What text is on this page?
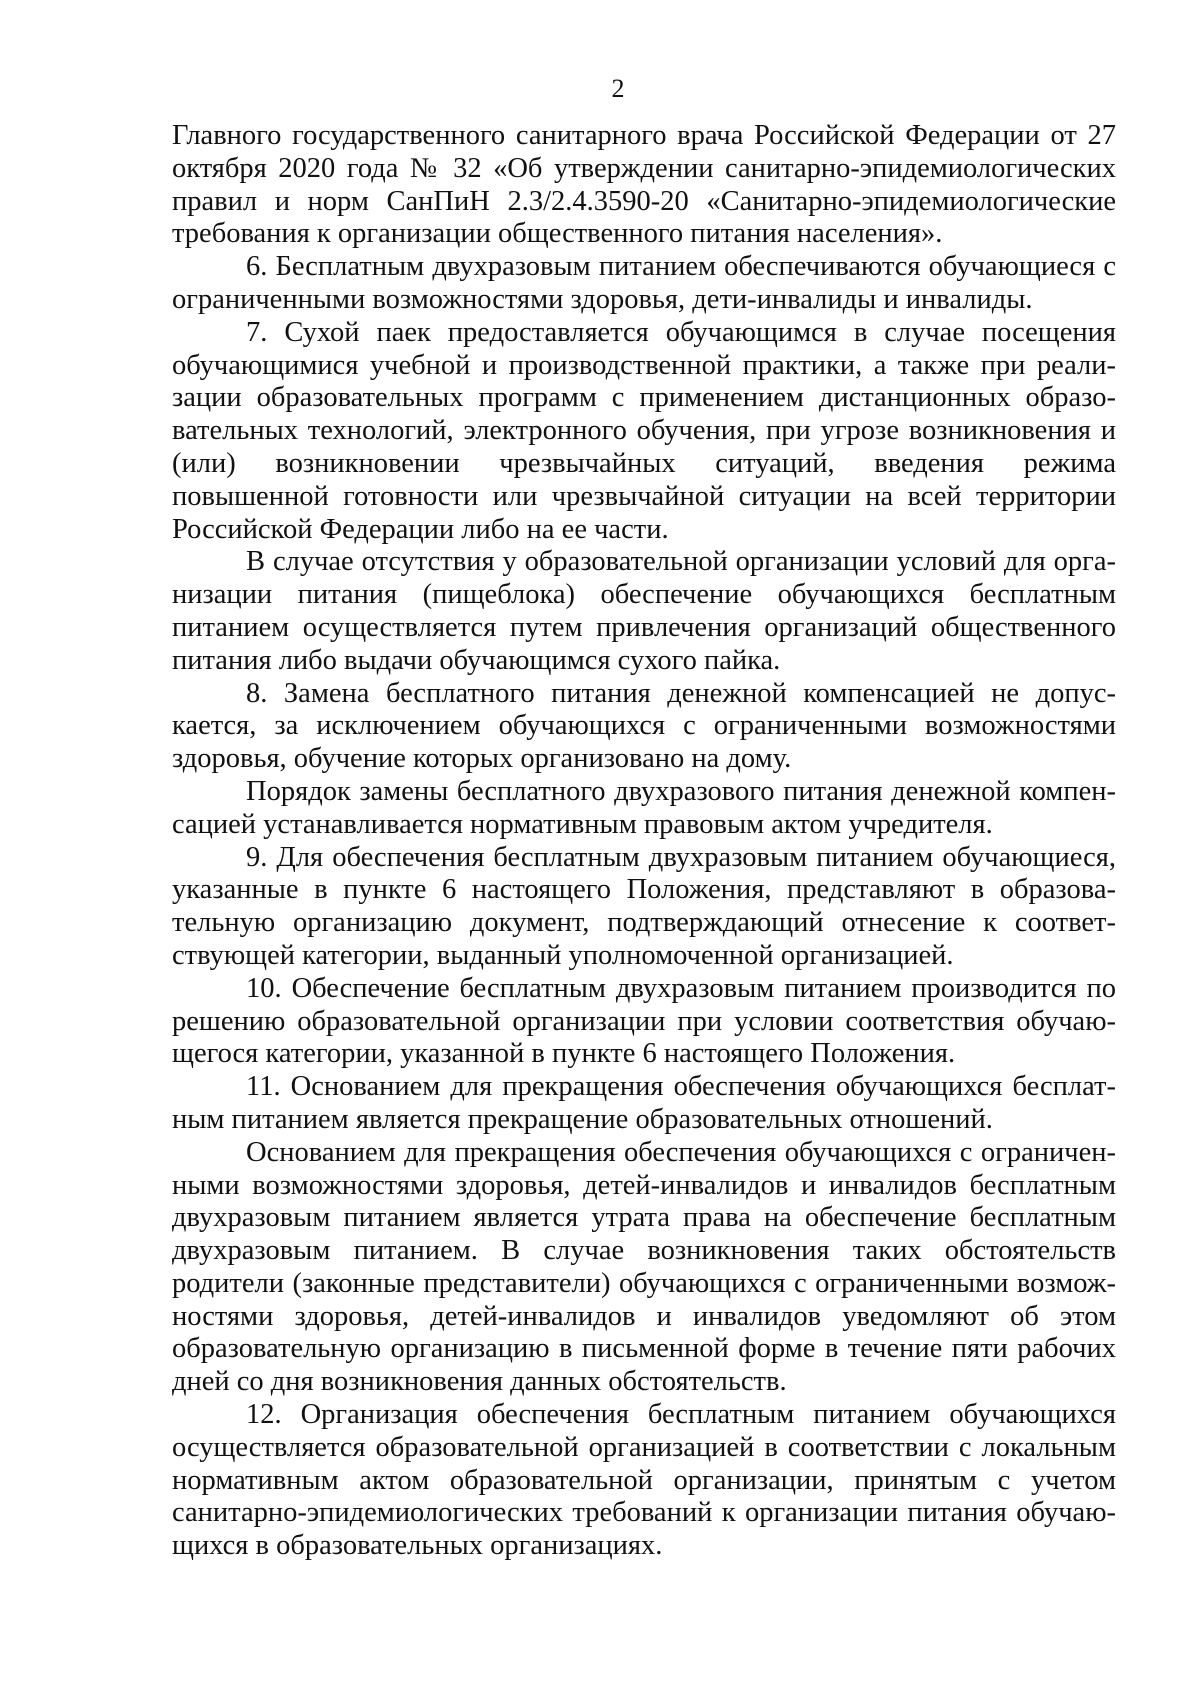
2

Главного государственного санитарного врача Российской Федерации от 27 октября 2020 года № 32 «Об утверждении санитарно-эпидемиологических правил и норм СанПиН 2.3/2.4.3590-20 «Санитарно-эпидемиологические требования к организации общественного питания населения».

6. Бесплатным двухразовым питанием обеспечиваются обучающиеся с ограниченными возможностями здоровья, дети-инвалиды и инвалиды.

7. Сухой паек предоставляется обучающимся в случае посещения обучающимися учебной и производственной практики, а также при реализации образовательных программ с применением дистанционных образовательных технологий, электронного обучения, при угрозе возникновения и (или) возникновении чрезвычайных ситуаций, введения режима повышенной готовности или чрезвычайной ситуации на всей территории Российской Федерации либо на ее части.

В случае отсутствия у образовательной организации условий для организации питания (пищеблока) обеспечение обучающихся бесплатным питанием осуществляется путем привлечения организаций общественного питания либо выдачи обучающимся сухого пайка.

8. Замена бесплатного питания денежной компенсацией не допускается, за исключением обучающихся с ограниченными возможностями здоровья, обучение которых организовано на дому.

Порядок замены бесплатного двухразового питания денежной компенсацией устанавливается нормативным правовым актом учредителя.

9. Для обеспечения бесплатным двухразовым питанием обучающиеся, указанные в пункте 6 настоящего Положения, представляют в образовательную организацию документ, подтверждающий отнесение к соответствующей категории, выданный уполномоченной организацией.

10. Обеспечение бесплатным двухразовым питанием производится по решению образовательной организации при условии соответствия обучающегося категории, указанной в пункте 6 настоящего Положения.

11. Основанием для прекращения обеспечения обучающихся бесплатным питанием является прекращение образовательных отношений.

Основанием для прекращения обеспечения обучающихся с ограниченными возможностями здоровья, детей-инвалидов и инвалидов бесплатным двухразовым питанием является утрата права на обеспечение бесплатным двухразовым питанием. В случае возникновения таких обстоятельств родители (законные представители) обучающихся с ограниченными возможностями здоровья, детей-инвалидов и инвалидов уведомляют об этом образовательную организацию в письменной форме в течение пяти рабочих дней со дня возникновения данных обстоятельств.

12. Организация обеспечения бесплатным питанием обучающихся осуществляется образовательной организацией в соответствии с локальным нормативным актом образовательной организации, принятым с учетом санитарно-эпидемиологических требований к организации питания обучающихся в образовательных организациях.
